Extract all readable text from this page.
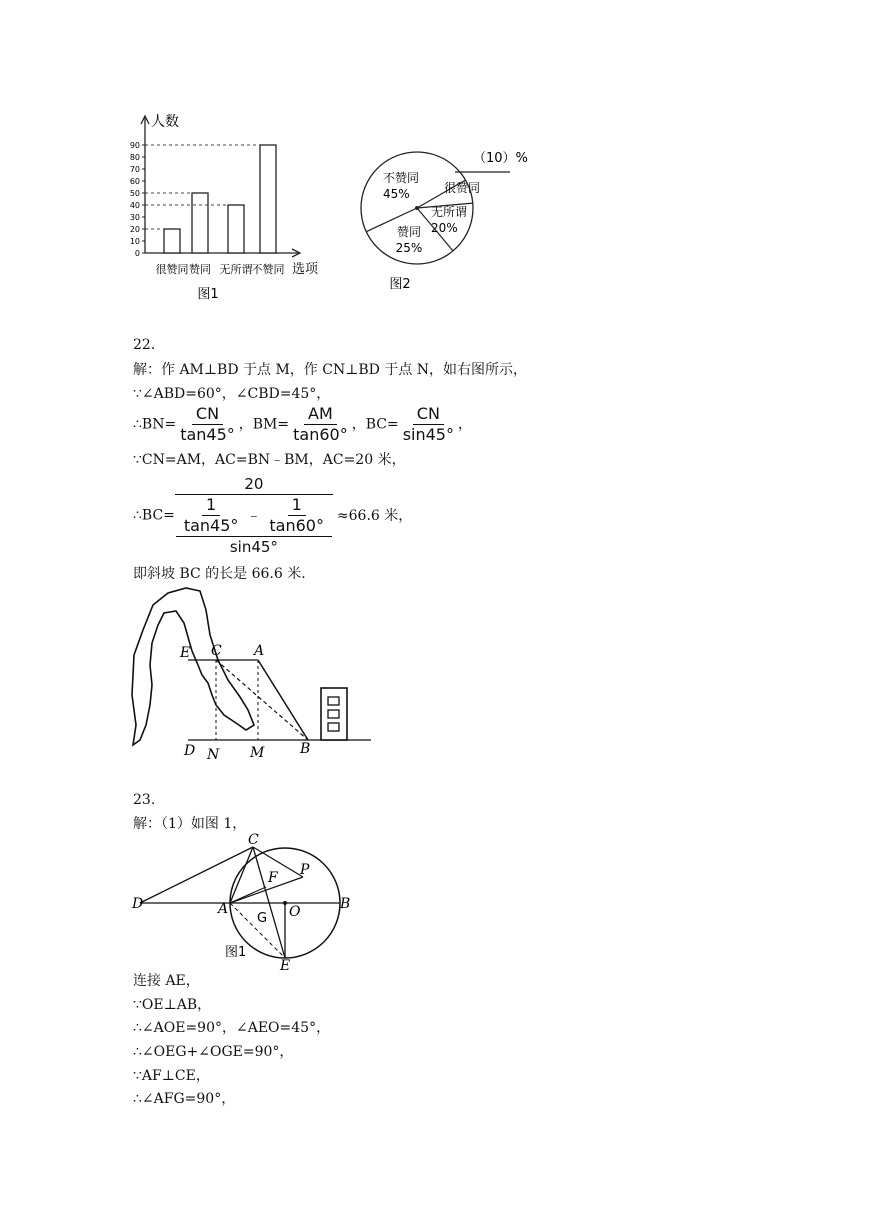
人数
选项
0
10
20
30
40
50
60
70
80
90
很赞同 赞同 无所谓 不赞同
图1
不赞同
45%	很赞同
无所谓
20%
赞同
25%
（10）%
图2
22.
解：作 AM⊥BD 于点 M，作 CN⊥BD 于点 N，如右图所示，
∵∠ABD=60°，∠CBD=45°，
∴BN= $\frac{CN}{\tan 45^\circ}$ ，$BM= \frac{AM}{\tan 60^\circ}$ ，$BC= \frac{CN}{\sin 45^\circ}$ ，
∵CN=AM，AC=BN﹣BM，AC=20 米，
∴BC=
20
$\frac{1}{\tan 45^\circ}$ ﹣ $\frac{1}{\tan 60^\circ}$
sin45°
≈66.6 米，
即斜坡 BC 的长是 66.6 米.
E C A
D N M	B
23.
解：（1）如图 1，
C
P
F
D	A
G O	B
E
图1
连接 AE，
∵OE⊥AB，
∴∠AOE=90°，∠AEO=45°，
∴∠OEG+∠OGE=90°，
∵AF⊥CE，
∴∠AFG=90°，
